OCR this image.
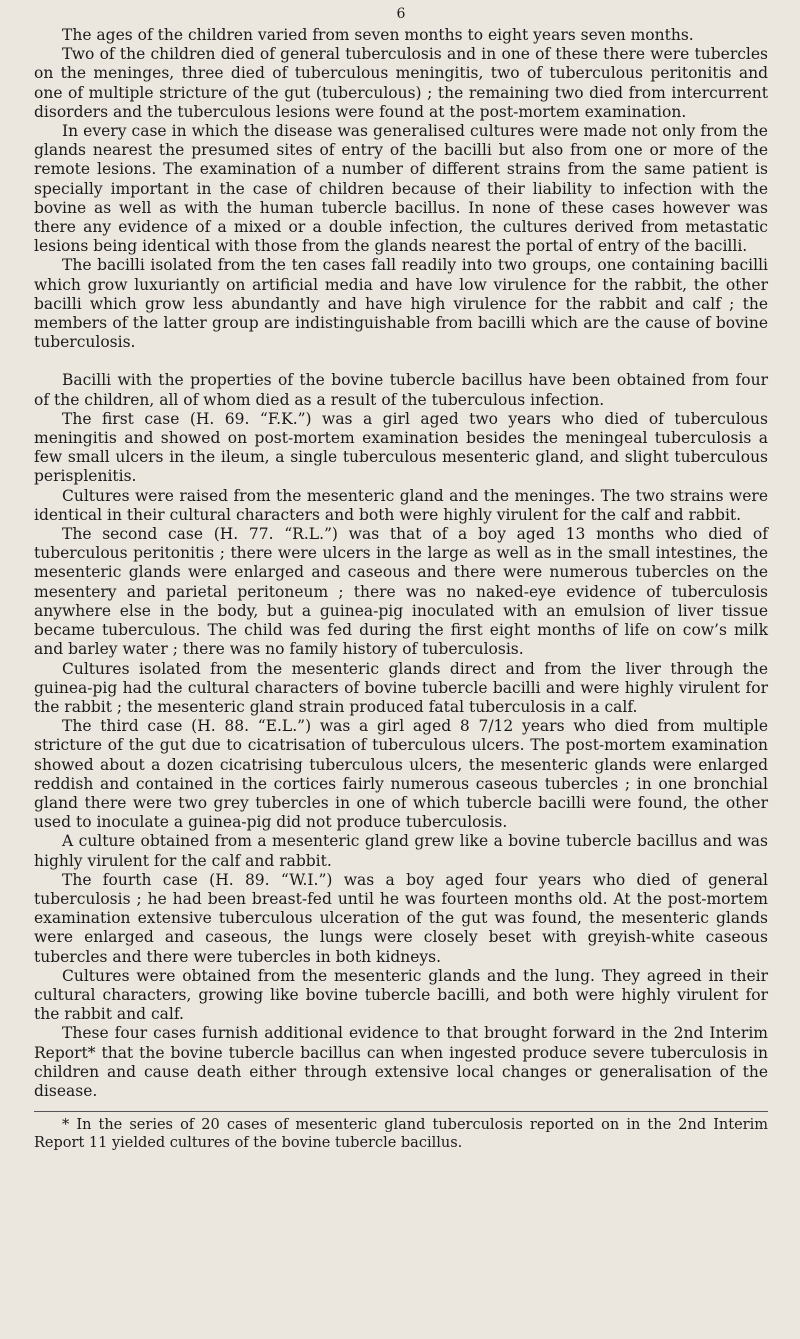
6

The ages of the children varied from seven months to eight years seven months.

Two of the children died of general tuberculosis and in one of these there were tubercles on the meninges, three died of tuberculous meningitis, two of tuberculous peritonitis and one of multiple stricture of the gut (tuberculous) ; the remaining two died from intercurrent disorders and the tuberculous lesions were found at the post-mortem examination.

In every case in which the disease was generalised cultures were made not only from the glands nearest the presumed sites of entry of the bacilli but also from one or more of the remote lesions. The examination of a number of different strains from the same patient is specially important in the case of children because of their liability to infection with the bovine as well as with the human tubercle bacillus. In none of these cases however was there any evidence of a mixed or a double infection, the cultures derived from metastatic lesions being identical with those from the glands nearest the portal of entry of the bacilli.

The bacilli isolated from the ten cases fall readily into two groups, one containing bacilli which grow luxuriantly on artificial media and have low virulence for the rabbit, the other bacilli which grow less abundantly and have high virulence for the rabbit and calf ; the members of the latter group are indistinguishable from bacilli which are the cause of bovine tuberculosis.

Bacilli with the properties of the bovine tubercle bacillus have been obtained from four of the children, all of whom died as a result of the tuberculous infection.

The first case (H. 69. “F.K.”) was a girl aged two years who died of tuberculous meningitis and showed on post-mortem examination besides the meningeal tuberculosis a few small ulcers in the ileum, a single tuberculous mesenteric gland, and slight tuberculous perisplenitis.

Cultures were raised from the mesenteric gland and the meninges. The two strains were identical in their cultural characters and both were highly virulent for the calf and rabbit.

The second case (H. 77. “R.L.”) was that of a boy aged 13 months who died of tuberculous peritonitis ; there were ulcers in the large as well as in the small intestines, the mesenteric glands were enlarged and caseous and there were numerous tubercles on the mesentery and parietal peritoneum ; there was no naked-eye evidence of tuberculosis anywhere else in the body, but a guinea-pig inoculated with an emulsion of liver tissue became tuberculous. The child was fed during the first eight months of life on cow’s milk and barley water ; there was no family history of tuberculosis.

Cultures isolated from the mesenteric glands direct and from the liver through the guinea-pig had the cultural characters of bovine tubercle bacilli and were highly virulent for the rabbit ; the mesenteric gland strain produced fatal tuberculosis in a calf.

The third case (H. 88. “E.L.”) was a girl aged 8 7/12 years who died from multiple stricture of the gut due to cicatrisation of tuberculous ulcers. The post-mortem examination showed about a dozen cicatrising tuberculous ulcers, the mesenteric glands were enlarged reddish and contained in the cortices fairly numerous caseous tubercles ; in one bronchial gland there were two grey tubercles in one of which tubercle bacilli were found, the other used to inoculate a guinea-pig did not produce tuberculosis.

A culture obtained from a mesenteric gland grew like a bovine tubercle bacillus and was highly virulent for the calf and rabbit.

The fourth case (H. 89. “W.I.”) was a boy aged four years who died of general tuberculosis ; he had been breast-fed until he was fourteen months old. At the post-mortem examination extensive tuberculous ulceration of the gut was found, the mesenteric glands were enlarged and caseous, the lungs were closely beset with greyish-white caseous tubercles and there were tubercles in both kidneys.

Cultures were obtained from the mesenteric glands and the lung. They agreed in their cultural characters, growing like bovine tubercle bacilli, and both were highly virulent for the rabbit and calf.

These four cases furnish additional evidence to that brought forward in the 2nd Interim Report* that the bovine tubercle bacillus can when ingested produce severe tuberculosis in children and cause death either through extensive local changes or generalisation of the disease.

* In the series of 20 cases of mesenteric gland tuberculosis reported on in the 2nd Interim Report 11 yielded cultures of the bovine tubercle bacillus.
